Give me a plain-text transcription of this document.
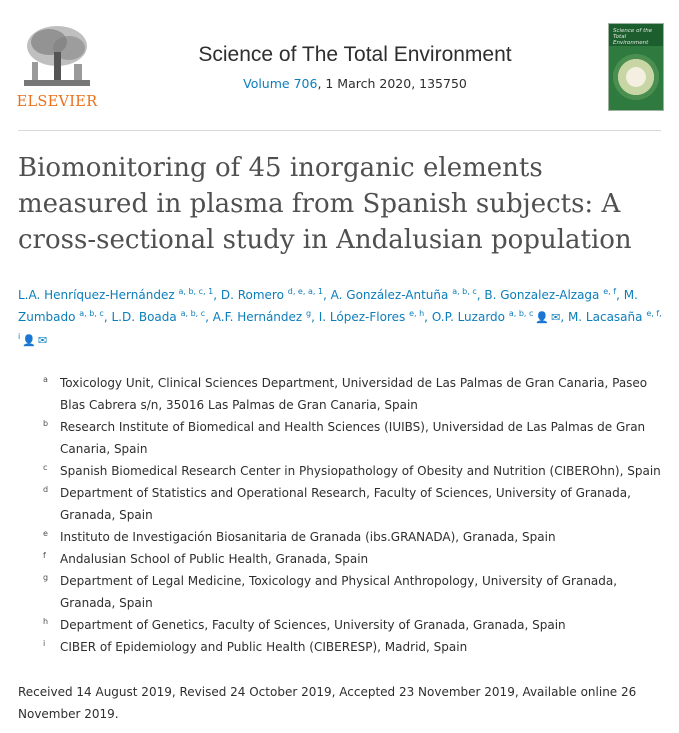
ELSEVIER
Science of The Total Environment
Volume 706, 1 March 2020, 135750
Science of the Total Environment
Biomonitoring of 45 inorganic elements measured in plasma from Spanish subjects: A cross-sectional study in Andalusian population
L.A. Henríquez-Hernández $^{a, b, c, 1}$, D. Romero $^{d, e, a, 1}$, A. González-Antuña $^{a, b, c}$, B. Gonzalez-Alzaga $^{e, f}$, M. Zumbado $^{a, b, c}$, L.D. Boada $^{a, b, c}$, A.F. Hernández $^g$, I. López-Flores $^{e, h}$, O.P. Luzardo $^{a, b, c}$ 👤 ✉, M. Lacasaña $^{e, f, i}$ 👤 ✉
a Toxicology Unit, Clinical Sciences Department, Universidad de Las Palmas de Gran Canaria, Paseo Blas Cabrera s/n, 35016 Las Palmas de Gran Canaria, Spain
b Research Institute of Biomedical and Health Sciences (IUIBS), Universidad de Las Palmas de Gran Canaria, Spain
c Spanish Biomedical Research Center in Physiopathology of Obesity and Nutrition (CIBEROhn), Spain
d Department of Statistics and Operational Research, Faculty of Sciences, University of Granada, Granada, Spain
e Instituto de Investigación Biosanitaria de Granada (ibs.GRANADA), Granada, Spain
f Andalusian School of Public Health, Granada, Spain
g Department of Legal Medicine, Toxicology and Physical Anthropology, University of Granada, Granada, Spain
h Department of Genetics, Faculty of Sciences, University of Granada, Granada, Spain
i CIBER of Epidemiology and Public Health (CIBERESP), Madrid, Spain
Received 14 August 2019, Revised 24 October 2019, Accepted 23 November 2019, Available online 26 November 2019.
